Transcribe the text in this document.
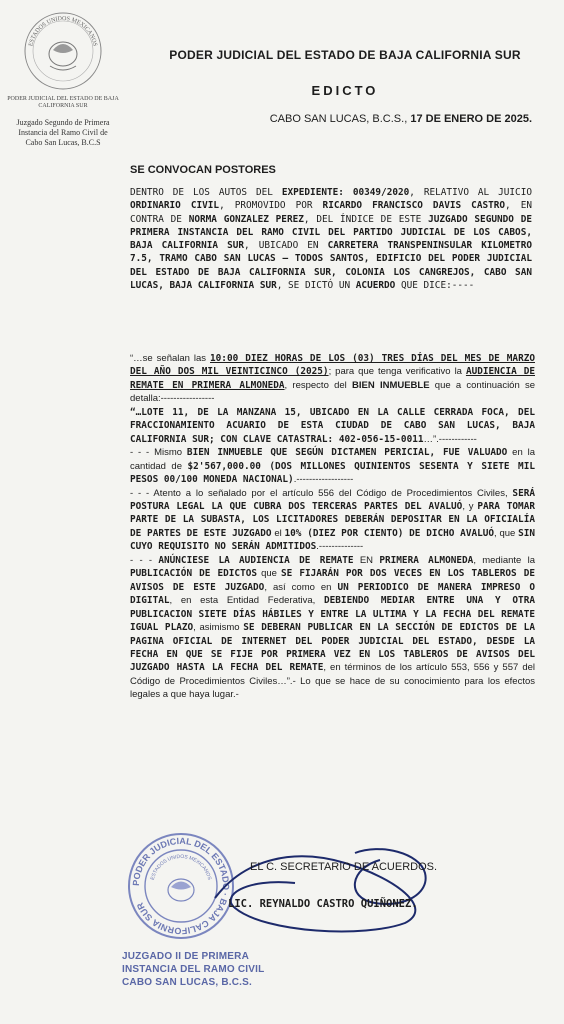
ESTADOS UNIDOS MEXICANOS
PODER JUDICIAL DEL ESTADO DE BAJA CALIFORNIA SUR
Juzgado Segundo de Primera
Instancia del Ramo Civil de
Cabo San Lucas, B.C.S
PODER JUDICIAL DEL ESTADO DE BAJA CALIFORNIA SUR
EDICTO
CABO SAN LUCAS, B.C.S., 17 DE ENERO DE 2025.
SE CONVOCAN POSTORES

DENTRO DE LOS AUTOS DEL EXPEDIENTE: 00349/2020, RELATIVO AL JUICIO ORDINARIO CIVIL, PROMOVIDO POR RICARDO FRANCISCO DAVIS CASTRO, EN CONTRA DE NORMA GONZALEZ PEREZ, DEL ÍNDICE DE ESTE JUZGADO SEGUNDO DE PRIMERA INSTANCIA DEL RAMO CIVIL DEL PARTIDO JUDICIAL DE LOS CABOS, BAJA CALIFORNIA SUR, UBICADO EN CARRETERA TRANSPENINSULAR KILOMETRO 7.5, TRAMO CABO SAN LUCAS – TODOS SANTOS, EDIFICIO DEL PODER JUDICIAL DEL ESTADO DE BAJA CALIFORNIA SUR, COLONIA LOS CANGREJOS, CABO SAN LUCAS, BAJA CALIFORNIA SUR, SE DICTÓ UN ACUERDO QUE DICE:----

“…se señalan las 10:00 DIEZ HORAS DE LOS (03) TRES DÍAS DEL MES DE MARZO DEL AÑO DOS MIL VEINTICINCO (2025); para que tenga verificativo la AUDIENCIA DE REMATE EN PRIMERA ALMONEDA, respecto del BIEN INMUEBLE que a continuación se detalla:-----------------

“…LOTE 11, DE LA MANZANA 15, UBICADO EN LA CALLE CERRADA FOCA, DEL FRACCIONAMIENTO ACUARIO DE ESTA CIUDAD DE CABO SAN LUCAS, BAJA CALIFORNIA SUR; CON CLAVE CATASTRAL: 402-056-15-0011…”.------------

- - - Mismo BIEN INMUEBLE QUE SEGÚN DICTAMEN PERICIAL, FUE VALUADO en la cantidad de $2'567,000.00 (DOS MILLONES QUINIENTOS SESENTA Y SIETE MIL PESOS 00/100 MONEDA NACIONAL).------------------

- - - Atento a lo señalado por el artículo 556 del Código de Procedimientos Civiles, SERÁ POSTURA LEGAL LA QUE CUBRA DOS TERCERAS PARTES DEL AVALUÓ, y PARA TOMAR PARTE DE LA SUBASTA, LOS LICITADORES DEBERÁN DEPOSITAR EN LA OFICIALÍA DE PARTES DE ESTE JUZGADO el 10% (DIEZ POR CIENTO) DE DICHO AVALUÓ, que SIN CUYO REQUISITO NO SERÁN ADMITIDOS.--------------

- - - ANÚNCIESE LA AUDIENCIA DE REMATE EN PRIMERA ALMONEDA, mediante la PUBLICACIÓN DE EDICTOS que SE FIJARÁN POR DOS VECES EN LOS TABLEROS DE AVISOS DE ESTE JUZGADO, así como en UN PERIODICO DE MANERA IMPRESO O DIGITAL, en esta Entidad Federativa, DEBIENDO MEDIAR ENTRE UNA Y OTRA PUBLICACION SIETE DÍAS HÁBILES Y ENTRE LA ULTIMA Y LA FECHA DEL REMATE IGUAL PLAZO, asimismo SE DEBERAN PUBLICAR EN LA SECCIÓN DE EDICTOS DE LA PAGINA OFICIAL DE INTERNET DEL PODER JUDICIAL DEL ESTADO, DESDE LA FECHA EN QUE SE FIJE POR PRIMERA VEZ EN LOS TABLEROS DE AVISOS DEL JUZGADO HASTA LA FECHA DEL REMATE, en términos de los artículo 553, 556 y 557 del Código de Procedimientos Civiles…”.- Lo que se hace de su conocimiento para los efectos legales a que haya lugar.-

PODER JUDICIAL DEL ESTADO · BAJA CALIFORNIA SUR
ESTADOS UNIDOS MEXICANOS
JUZGADO II DE PRIMERA
INSTANCIA DEL RAMO CIVIL
CABO SAN LUCAS, B.C.S.
EL C. SECRETARIO DE ACUERDOS.
LIC. REYNALDO CASTRO QUIÑONEZ.
